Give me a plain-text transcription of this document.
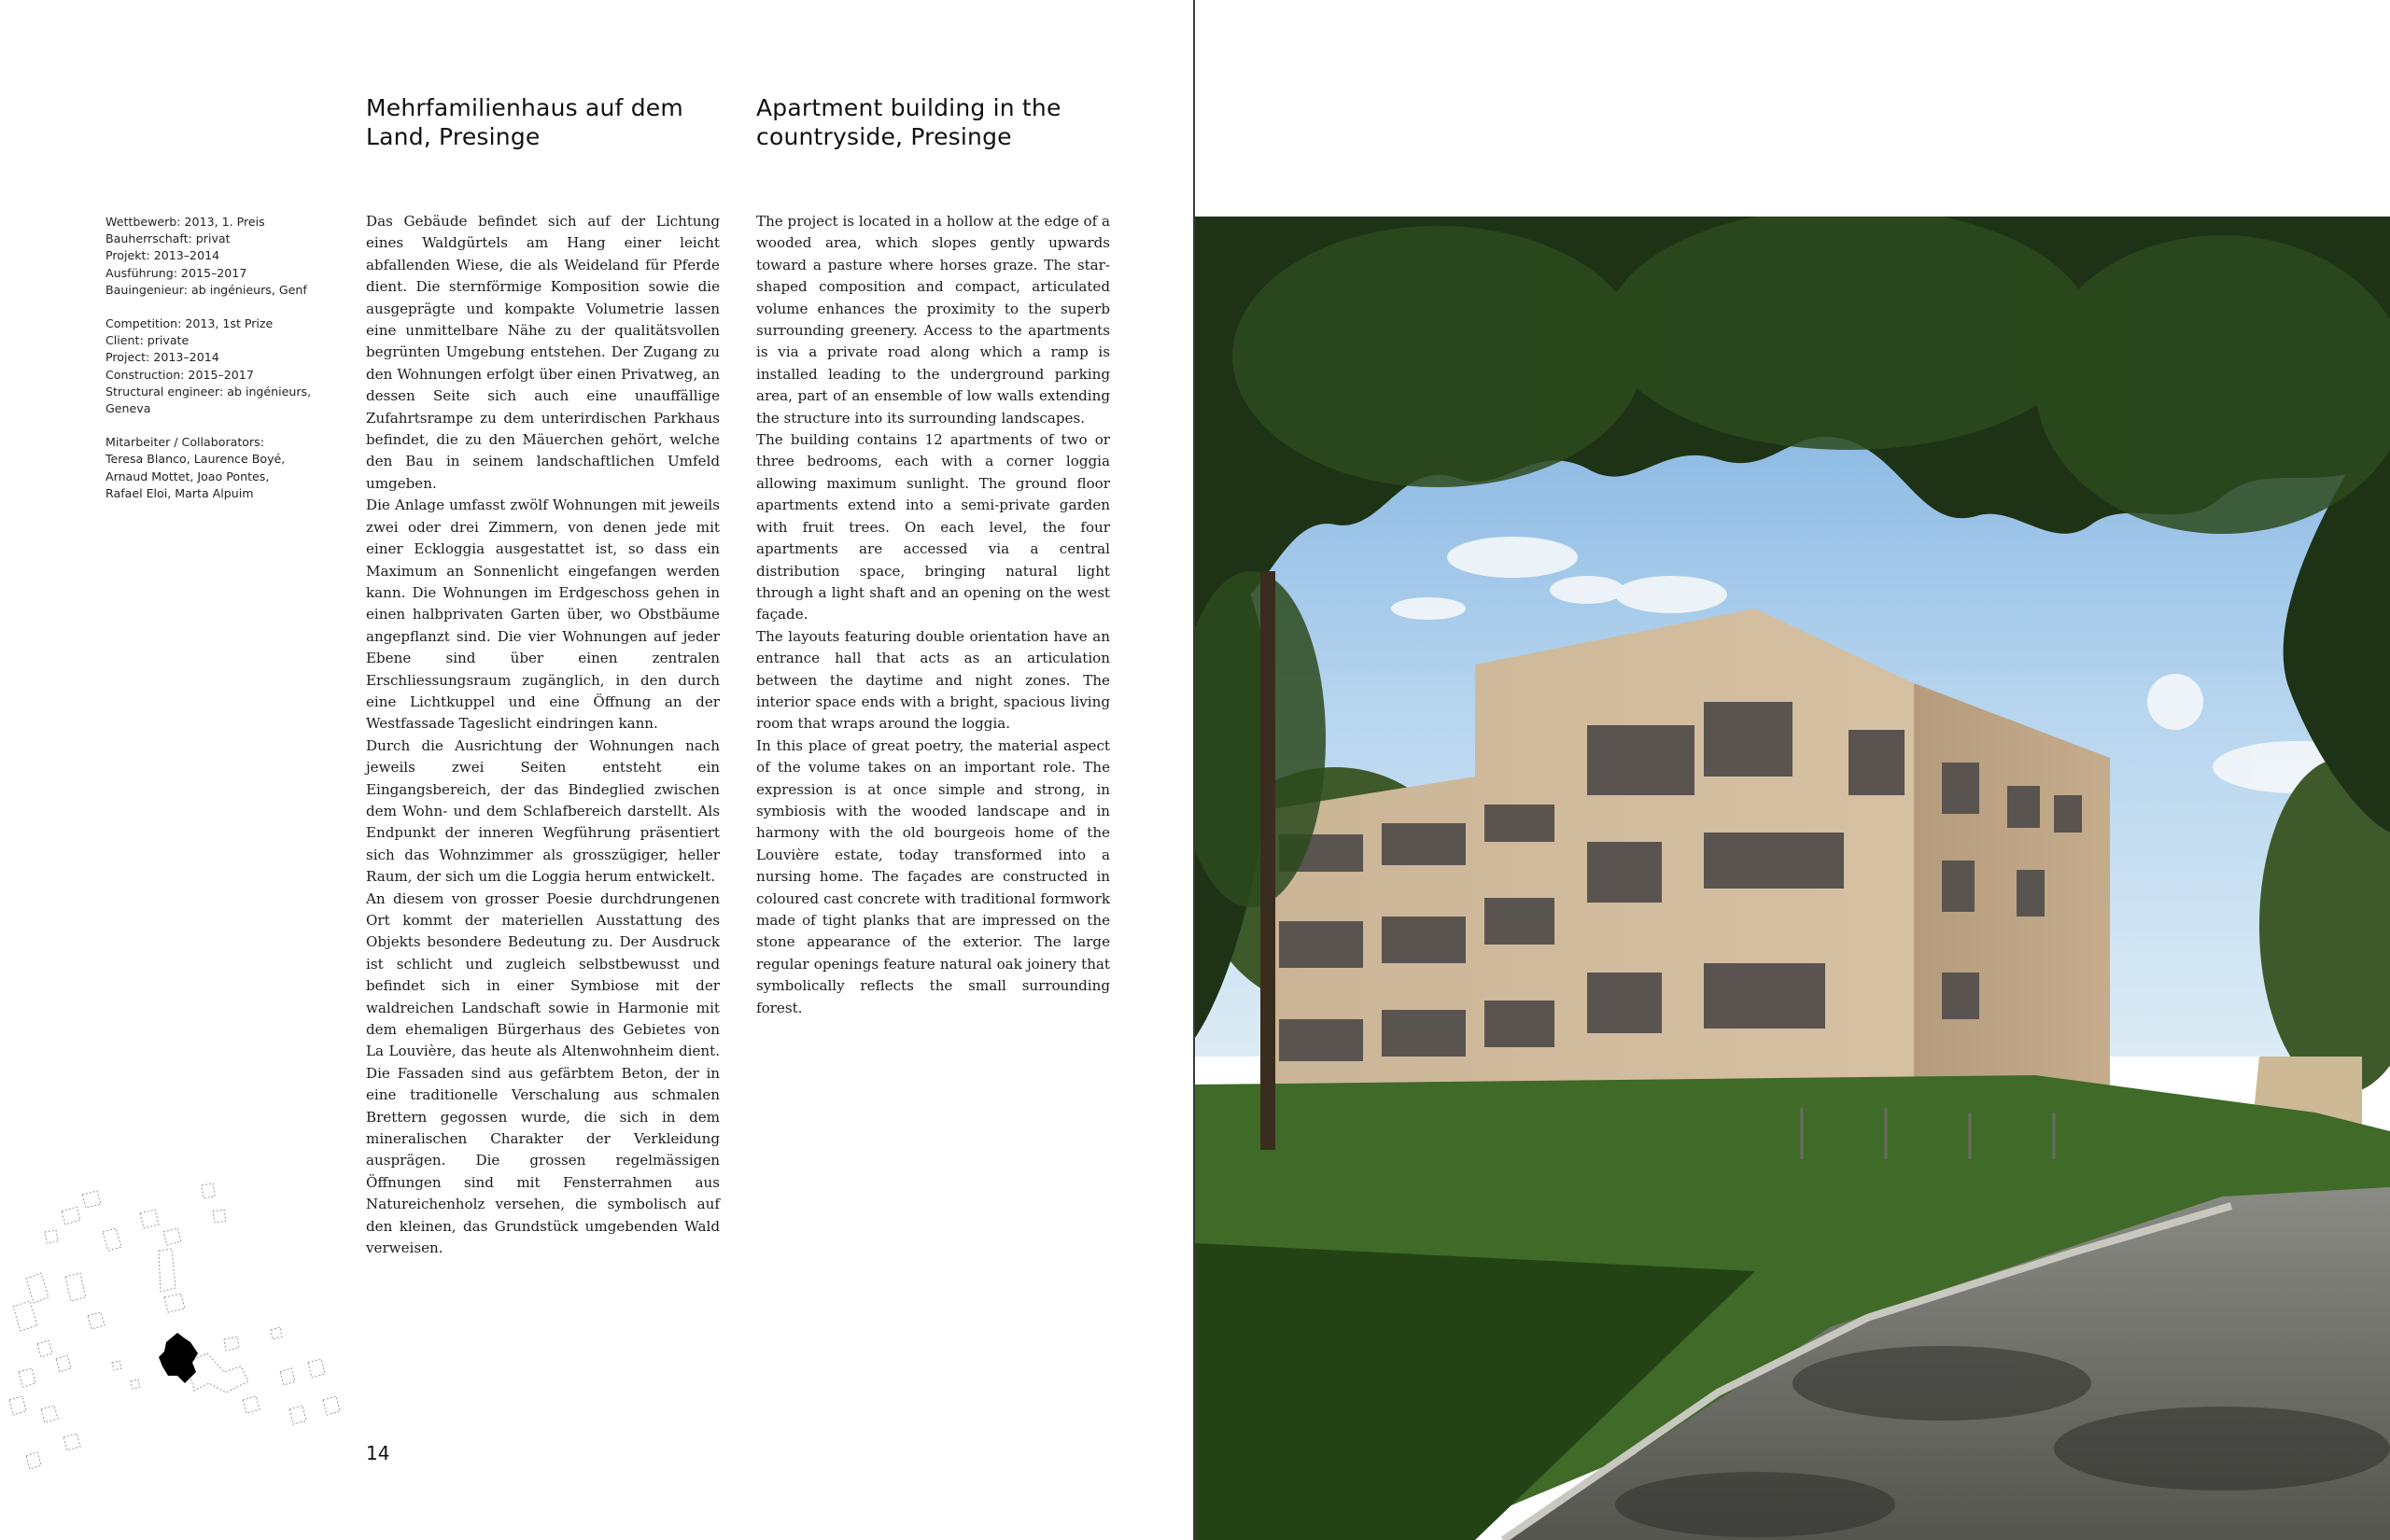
Mehrfamilienhaus auf dem Land, Presinge
Apartment building in the countryside, Presinge
Wettbewerb: 2013, 1. Preis
Bauherrschaft: privat
Projekt: 2013–2014
Ausführung: 2015–2017
Bauingenieur: ab ingénieurs, Genf
Competition: 2013, 1st Prize
Client: private
Project: 2013–2014
Construction: 2015–2017
Structural engineer: ab ingénieurs,
Geneva
Mitarbeiter / Collaborators:
Teresa Blanco, Laurence Boyé,
Arnaud Mottet, Joao Pontes,
Rafael Eloi, Marta Alpuim

Das Gebäude befindet sich auf der Lichtung eines Waldgürtels am Hang einer leicht abfallenden Wiese, die als Weideland für Pferde dient. Die sternförmige Komposition sowie die ausgeprägte und kompakte Volumetrie lassen eine unmittelbare Nähe zu der qualitätsvollen begrünten Umgebung entstehen. Der Zugang zu den Wohnungen erfolgt über einen Privatweg, an dessen Seite sich auch eine unauffällige Zufahrtsrampe zu dem unterirdischen Parkhaus befindet, die zu den Mäuerchen gehört, welche den Bau in seinem landschaftlichen Umfeld umgeben.

Die Anlage umfasst zwölf Wohnungen mit jeweils zwei oder drei Zimmern, von denen jede mit einer Eckloggia ausgestattet ist, so dass ein Maximum an Sonnenlicht eingefangen werden kann. Die Wohnungen im Erdgeschoss gehen in einen halbprivaten Garten über, wo Obstbäume angepflanzt sind. Die vier Wohnungen auf jeder Ebene sind über einen zentralen Erschliessungsraum zugänglich, in den durch eine Lichtkuppel und eine Öffnung an der Westfassade Tageslicht eindringen kann.

Durch die Ausrichtung der Wohnungen nach jeweils zwei Seiten entsteht ein Eingangsbereich, der das Bindeglied zwischen dem Wohn- und dem Schlafbereich darstellt. Als Endpunkt der inneren Wegführung präsentiert sich das Wohnzimmer als grosszügiger, heller Raum, der sich um die Loggia herum entwickelt.

An diesem von grosser Poesie durchdrungenen Ort kommt der materiellen Ausstattung des Objekts besondere Bedeutung zu. Der Ausdruck ist schlicht und zugleich selbstbewusst und befindet sich in einer Symbiose mit der waldreichen Landschaft sowie in Harmonie mit dem ehemaligen Bürgerhaus des Gebietes von La Louvière, das heute als Altenwohnheim dient. Die Fassaden sind aus gefärbtem Beton, der in eine traditionelle Verschalung aus schmalen Brettern gegossen wurde, die sich in dem mineralischen Charakter der Verkleidung ausprägen. Die grossen regelmässigen Öffnungen sind mit Fensterrahmen aus Natureichenholz versehen, die symbolisch auf den kleinen, das Grundstück umgebenden Wald verweisen.

The project is located in a hollow at the edge of a wooded area, which slopes gently upwards toward a pasture where horses graze. The star-shaped composition and compact, articulated volume enhances the proximity to the superb surrounding greenery. Access to the apartments is via a private road along which a ramp is installed leading to the underground parking area, part of an ensemble of low walls extending the structure into its surrounding landscapes.

The building contains 12 apartments of two or three bedrooms, each with a corner loggia allowing maximum sunlight. The ground floor apartments extend into a semi-private garden with fruit trees. On each level, the four apartments are accessed via a central distribution space, bringing natural light through a light shaft and an opening on the west façade.

The layouts featuring double orientation have an entrance hall that acts as an articulation between the daytime and night zones. The interior space ends with a bright, spacious living room that wraps around the loggia.

In this place of great poetry, the material aspect of the volume takes on an important role. The expression is at once simple and strong, in symbiosis with the wooded landscape and in harmony with the old bourgeois home of the Louvière estate, today transformed into a nursing home. The façades are constructed in coloured cast concrete with traditional formwork made of tight planks that are impressed on the stone appearance of the exterior. The large regular openings feature natural oak joinery that symbolically reflects the small surrounding forest.

14
